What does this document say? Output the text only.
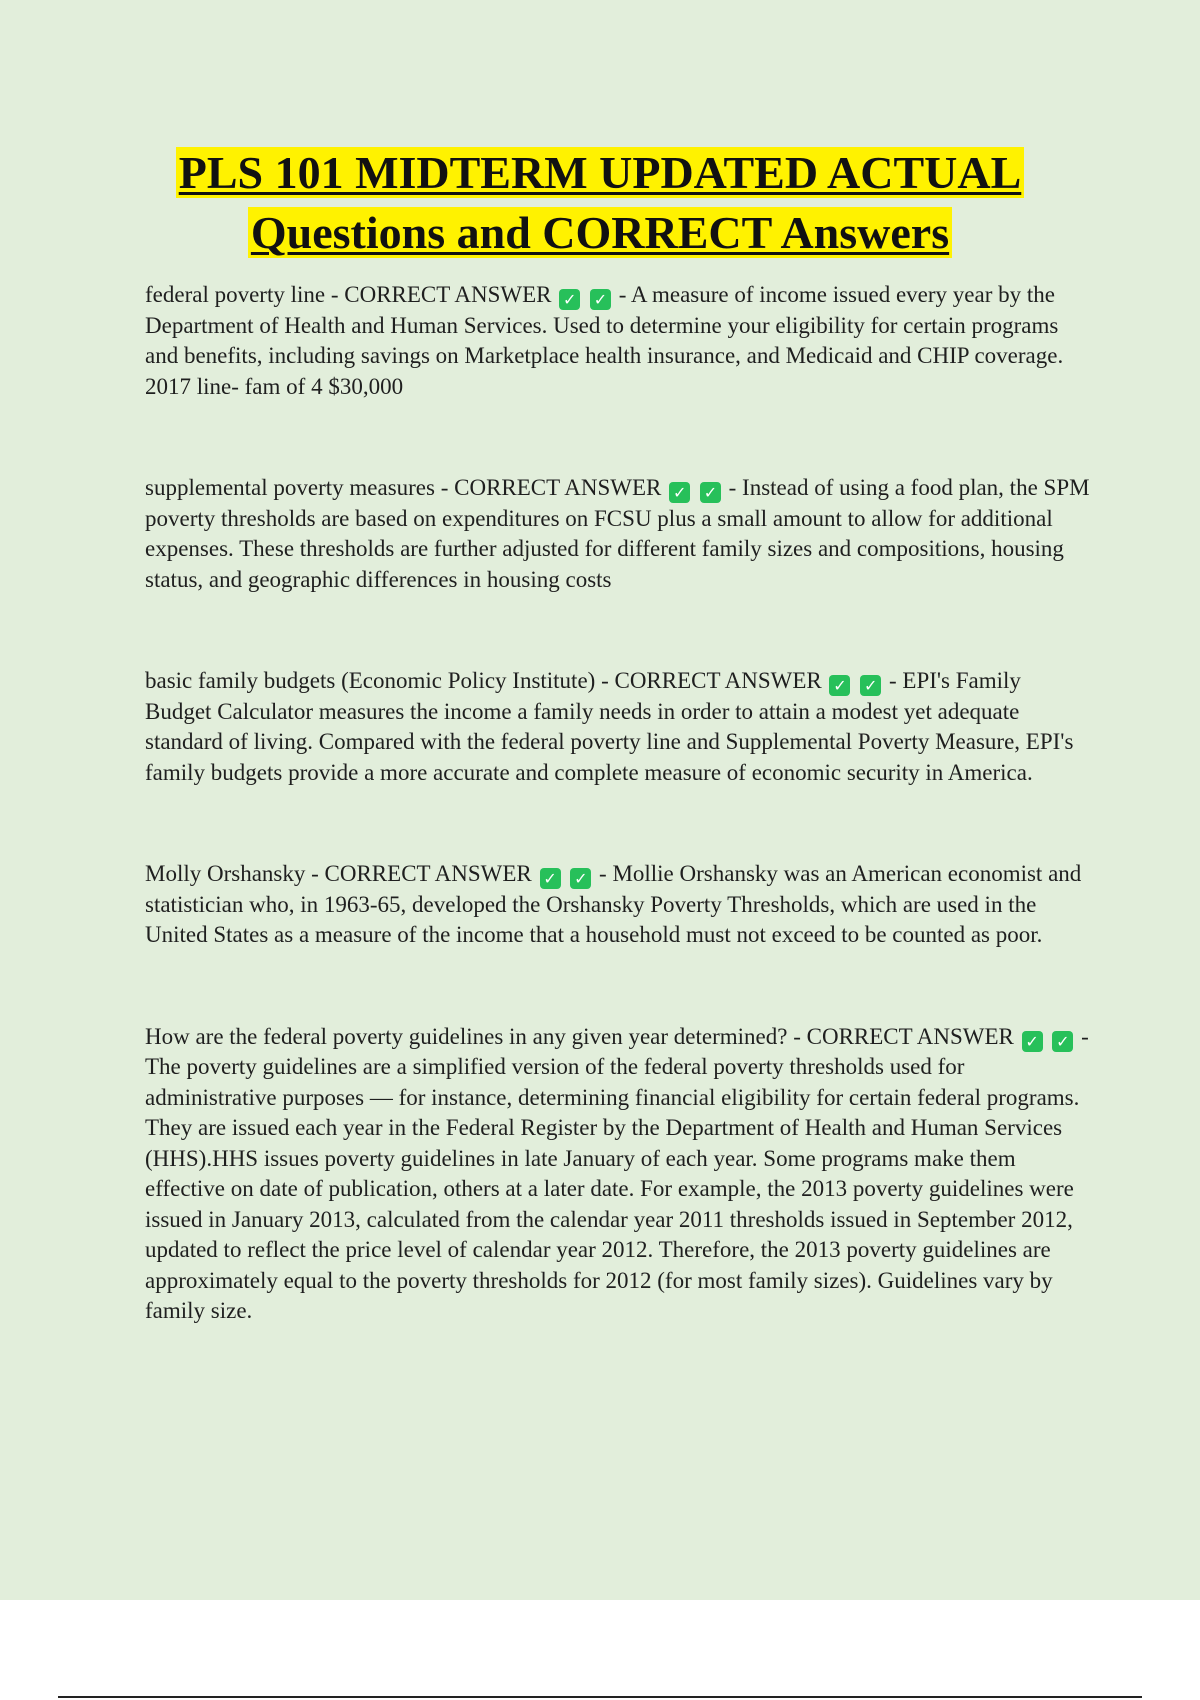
PLS 101 MIDTERM UPDATED ACTUAL
Questions and CORRECT Answers

federal poverty line - CORRECT ANSWER ✓ ✓ - A measure of income issued every year by the Department of Health and Human Services. Used to determine your eligibility for certain programs and benefits, including savings on Marketplace health insurance, and Medicaid and CHIP coverage. 2017 line- fam of 4 $30,000

supplemental poverty measures - CORRECT ANSWER ✓ ✓ - Instead of using a food plan, the SPM poverty thresholds are based on expenditures on FCSU plus a small amount to allow for additional expenses. These thresholds are further adjusted for different family sizes and compositions, housing status, and geographic differences in housing costs

basic family budgets (Economic Policy Institute) - CORRECT ANSWER ✓ ✓ - EPI's Family Budget Calculator measures the income a family needs in order to attain a modest yet adequate standard of living. Compared with the federal poverty line and Supplemental Poverty Measure, EPI's family budgets provide a more accurate and complete measure of economic security in America.

Molly Orshansky - CORRECT ANSWER ✓ ✓ - Mollie Orshansky was an American economist and statistician who, in 1963-65, developed the Orshansky Poverty Thresholds, which are used in the United States as a measure of the income that a household must not exceed to be counted as poor.

How are the federal poverty guidelines in any given year determined? - CORRECT ANSWER ✓ ✓ - The poverty guidelines are a simplified version of the federal poverty thresholds used for administrative purposes — for instance, determining financial eligibility for certain federal programs. They are issued each year in the Federal Register by the Department of Health and Human Services (HHS).HHS issues poverty guidelines in late January of each year. Some programs make them effective on date of publication, others at a later date. For example, the 2013 poverty guidelines were issued in January 2013, calculated from the calendar year 2011 thresholds issued in September 2012, updated to reflect the price level of calendar year 2012. Therefore, the 2013 poverty guidelines are approximately equal to the poverty thresholds for 2012 (for most family sizes). Guidelines vary by family size.
